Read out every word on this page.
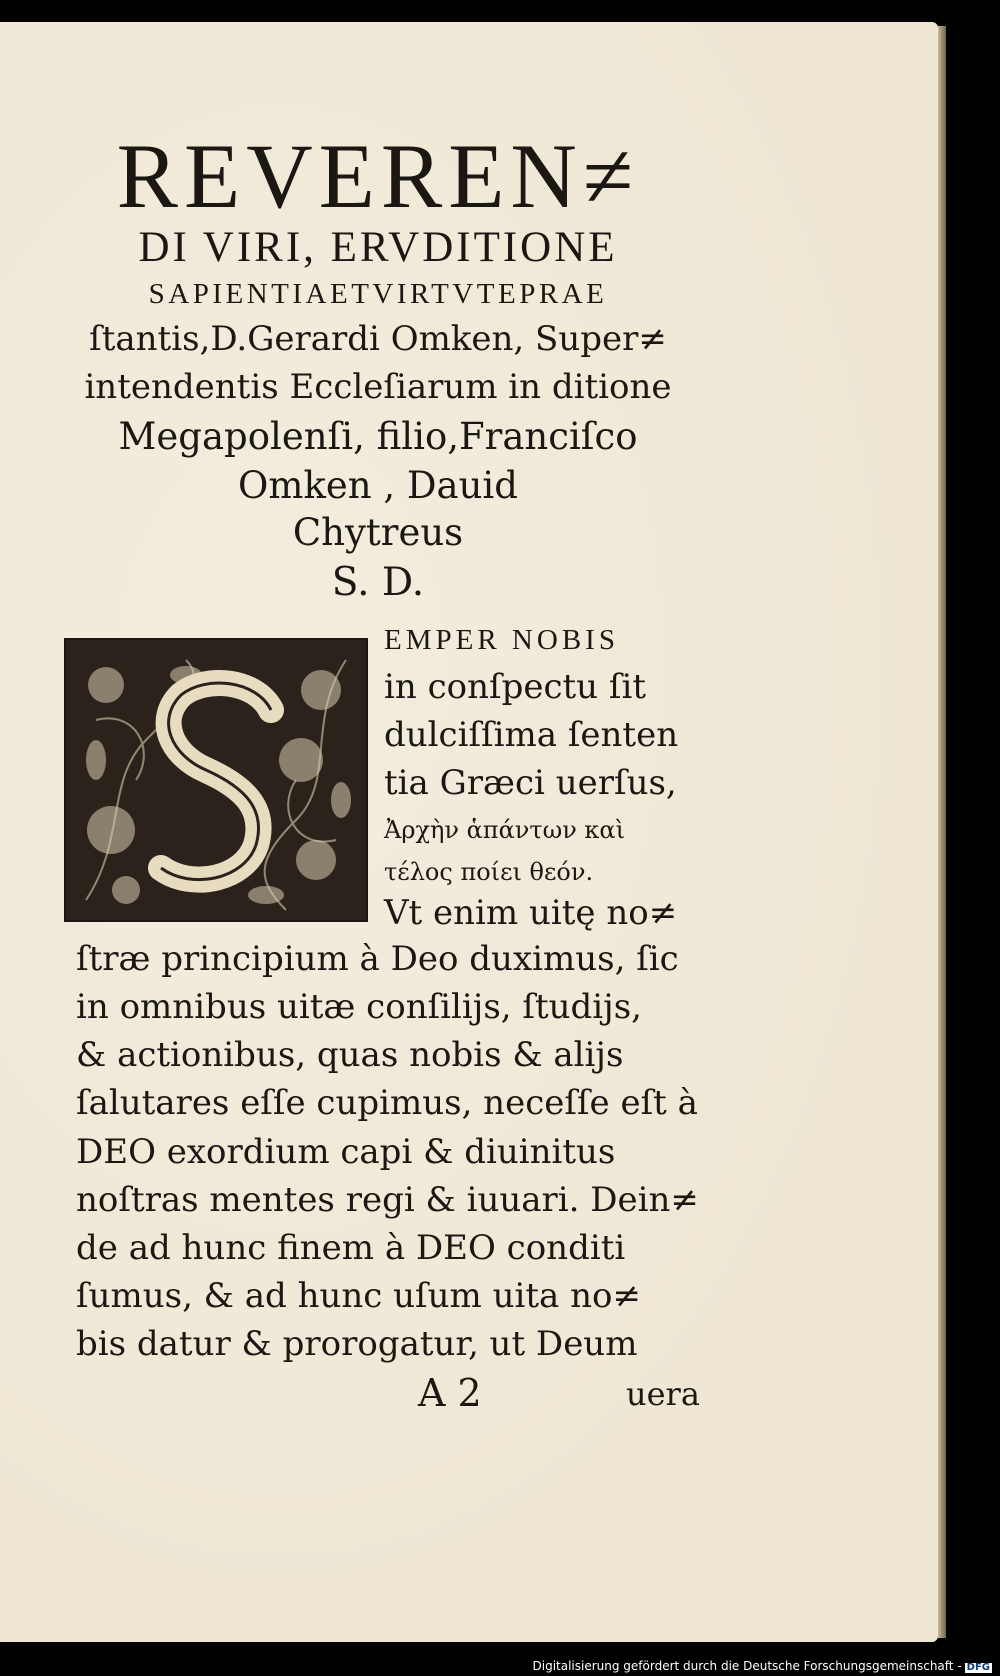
REVEREN≠
DI VIRI, ERVDITIONE
SAPIENTIAETVIRTVTEPRAE
ſtantis,D.Gerardi Omken, Super≠
intendentis Eccleſiarum in ditione
Megapolenſi, filio,Franciſco
Omken , Dauid
Chytreus
S. D.
EMPER NOBIS
in conſpectu ſit
dulciſſima ſenten
tia Græci uerſus,
Ἀρχὴν ἁπάντων καὶ
τέλος ποίει θεόν.
Vt enim uitę no≠
ſtræ principium à Deo duximus, ſic
in omnibus uitæ conſilijs, ſtudijs,
& actionibus, quas nobis & alijs
ſalutares eſſe cupimus, neceſſe eſt à
DEO exordium capi & diuinitus
noſtras mentes regi & iuuari. Dein≠
de ad hunc finem à DEO conditi
ſumus, & ad hunc uſum uita no≠
bis datur & prorogatur, ut Deum
A 2	uera
Digitalisierung gefördert durch die Deutsche Forschungsgemeinschaft - DFG
